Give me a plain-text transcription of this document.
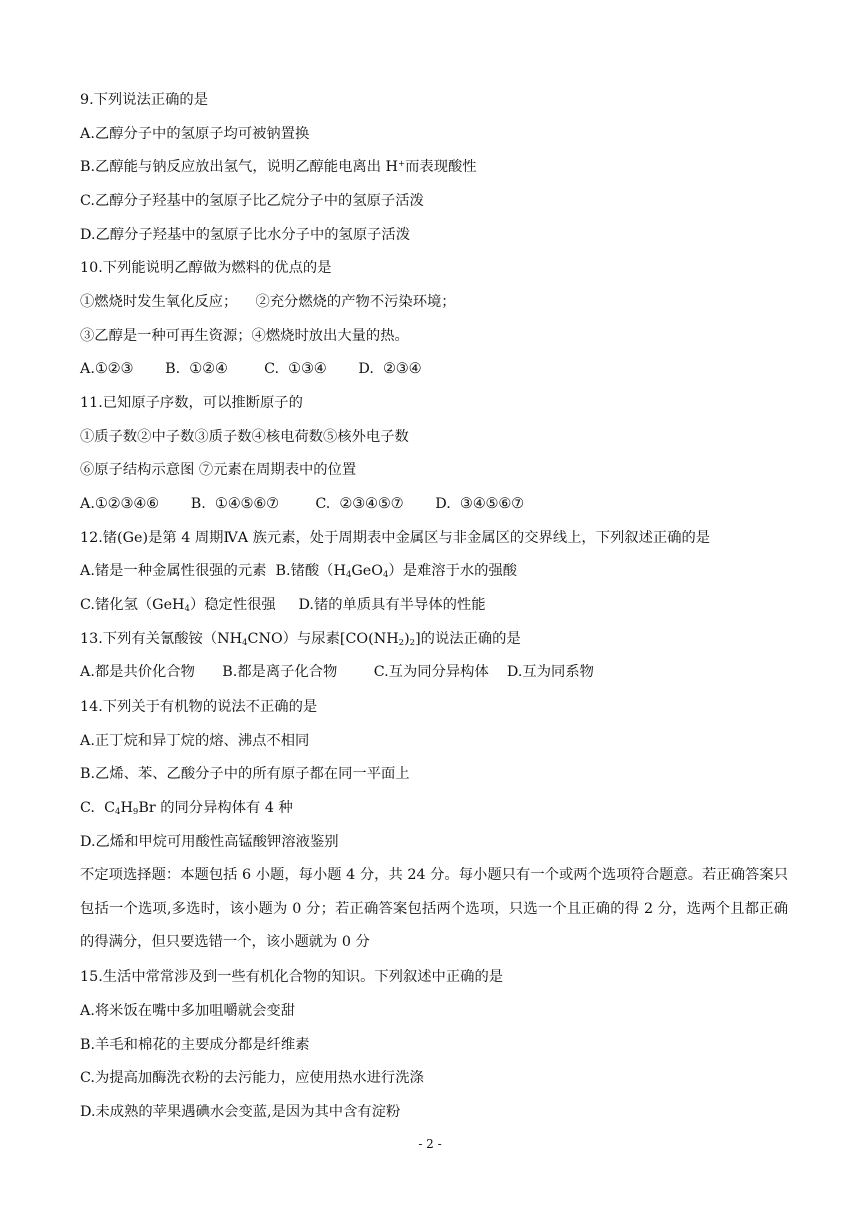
9.下列说法正确的是
A.乙醇分子中的氢原子均可被钠置换
B.乙醇能与钠反应放出氢气，说明乙醇能电离出 H+而表现酸性
C.乙醇分子羟基中的氢原子比乙烷分子中的氢原子活泼
D.乙醇分子羟基中的氢原子比水分子中的氢原子活泼
10.下列能说明乙醇做为燃料的优点的是
①燃烧时发生氧化反应；    ②充分燃烧的产物不污染环境；
③乙醇是一种可再生资源；④燃烧时放出大量的热。
A.①②③       B.  ①②④        C.  ①③④       D.  ②③④
11.已知原子序数，可以推断原子的
①质子数②中子数③质子数④核电荷数⑤核外电子数
⑥原子结构示意图 ⑦元素在周期表中的位置
A.①②③④⑥       B.  ①④⑤⑥⑦        C.  ②③④⑤⑦       D.  ③④⑤⑥⑦
12.锗(Ge)是第 4 周期ⅣA 族元素，处于周期表中金属区与非金属区的交界线上，下列叙述正确的是
A.锗是一种金属性很强的元素  B.锗酸$(H_4GeO_4)$是难溶于水的强酸
C.锗化氢（GeH$_4$）稳定性很强     D.锗的单质具有半导体的性能
13.下列有关氰酸铵$(NH_4CNO)$与尿素$[CO(NH_2)_2]$的说法正确的是
A.都是共价化合物      B.都是离子化合物        C.互为同分异构体    D.互为同系物
14.下列关于有机物的说法不正确的是
A.正丁烷和异丁烷的熔、沸点不相同
B.乙烯、苯、乙酸分子中的所有原子都在同一平面上
C.  $C_4H_9Br$ 的同分异构体有 4 种
D.乙烯和甲烷可用酸性高锰酸钾溶液鉴别
不定项选择题：本题包括 6 小题，每小题 4 分，共 24 分。每小题只有一个或两个选项符合题意。若正确答案只包括一个选项,多选时，该小题为 0 分；若正确答案包括两个选项，只选一个且正确的得 2 分，选两个且都正确的得满分，但只要选错一个，该小题就为 0 分
15.生活中常常涉及到一些有机化合物的知识。下列叙述中正确的是
A.将米饭在嘴中多加咀嚼就会变甜
B.羊毛和棉花的主要成分都是纤维素
C.为提高加酶洗衣粉的去污能力，应使用热水进行洗涤
D.未成熟的苹果遇碘水会变蓝,是因为其中含有淀粉
- 2 -
